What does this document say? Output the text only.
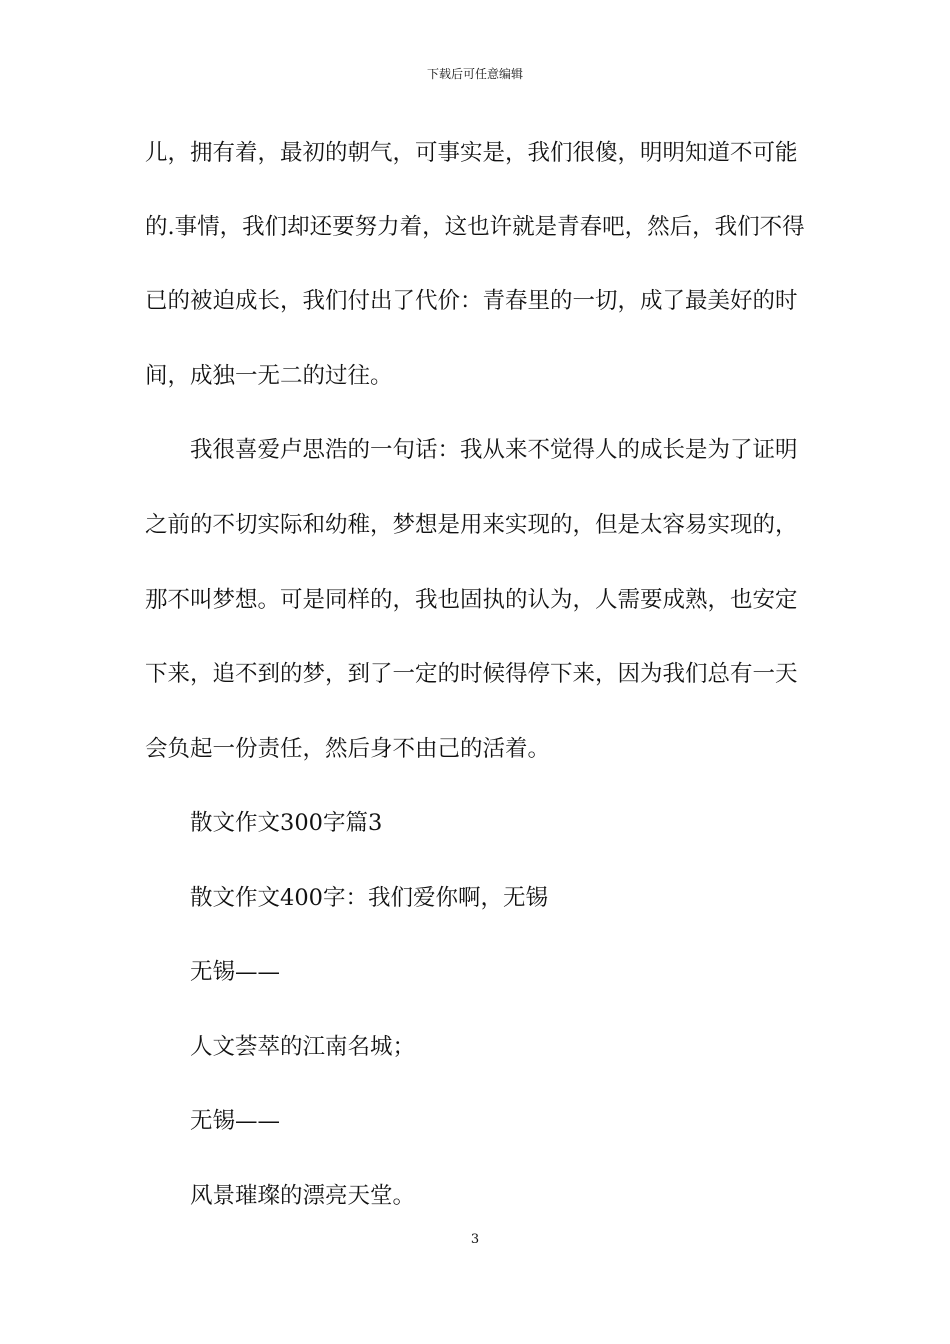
下载后可任意编辑
儿，拥有着，最初的朝气，可事实是，我们很傻，明明知道不可能
的.事情，我们却还要努力着，这也许就是青春吧，然后，我们不得
已的被迫成长，我们付出了代价：青春里的一切，成了最美好的时
间，成独一无二的过往。
我很喜爱卢思浩的一句话：我从来不觉得人的成长是为了证明
之前的不切实际和幼稚，梦想是用来实现的，但是太容易实现的，
那不叫梦想。可是同样的，我也固执的认为，人需要成熟，也安定
下来，追不到的梦，到了一定的时候得停下来，因为我们总有一天
会负起一份责任，然后身不由己的活着。
散文作文300字篇3
散文作文400字：我们爱你啊，无锡
无锡——
人文荟萃的江南名城；
无锡——
风景璀璨的漂亮天堂。
3
